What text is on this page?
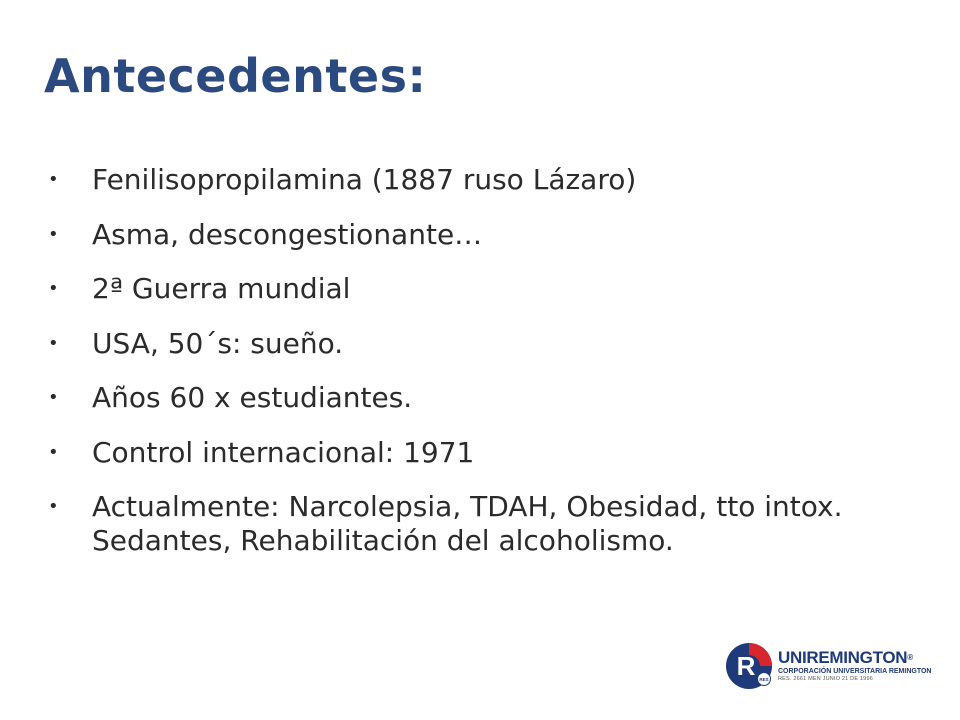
Antecedentes:
•	Fenilisopropilamina (1887 ruso Lázaro)
•	Asma, descongestionante…
•	2ª Guerra mundial
•	USA, 50´s: sueño.
•	Años 60 x estudiantes.
•	Control internacional: 1971
•	Actualmente: Narcolepsia, TDAH, Obesidad, tto intox. Sedantes, Rehabilitación del alcoholismo.
R RES
UNIREMINGTON®
CORPORACIÓN UNIVERSITARIA REMINGTON
RES. 2661 MEN JUNIO 21 DE 1996
